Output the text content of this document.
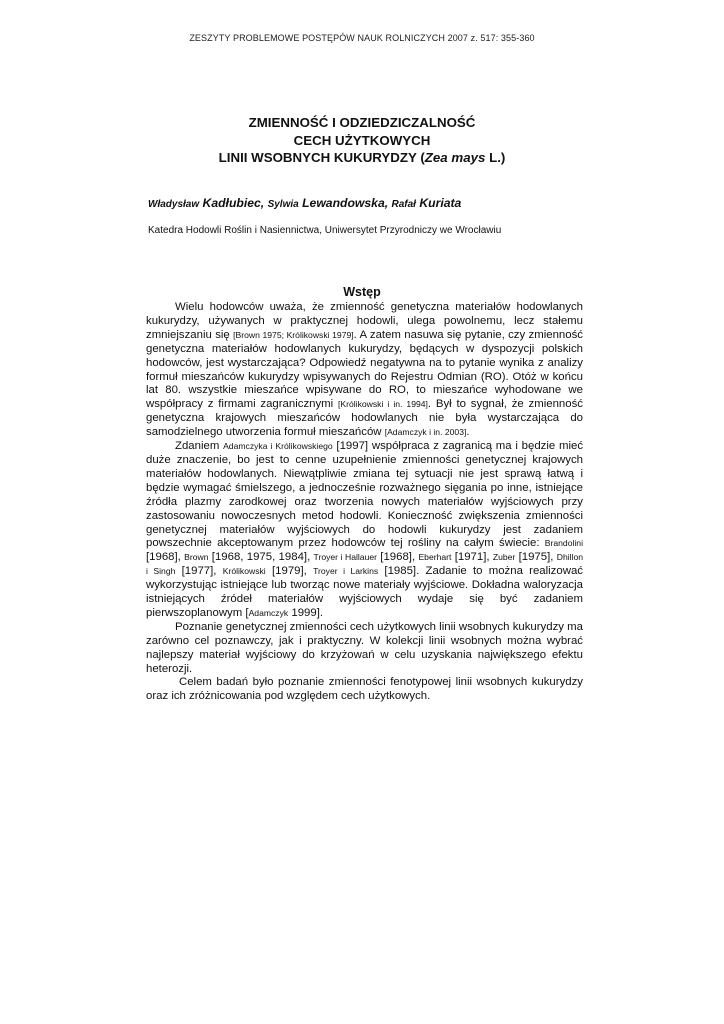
ZESZYTY PROBLEMOWE POSTĘPÓW NAUK ROLNICZYCH 2007 z. 517: 355-360
ZMIENNOŚĆ I ODZIEDZICZALNOŚĆ
CECH UŻYTKOWYCH
LINII WSOBNYCH KUKURYDZY (Zea mays L.)
Władysław Kadłubiec, Sylwia Lewandowska, Rafał Kuriata
Katedra Hodowli Roślin i Nasiennictwa, Uniwersytet Przyrodniczy we Wrocławiu
Wstęp

Wielu hodowców uważa, że zmienność genetyczna materiałów hodowlanych kukurydzy, używanych w praktycznej hodowli, ulega powolnemu, lecz stałemu zmniejszaniu się [Brown 1975; Królikowski 1979]. A zatem nasuwa się pytanie, czy zmienność genetyczna materiałów hodowlanych kukurydzy, będących w dyspozycji polskich hodowców, jest wystarczająca? Odpowiedź negatywna na to pytanie wynika z analizy formuł mieszańców kukurydzy wpisywanych do Rejestru Odmian (RO). Otóż w końcu lat 80. wszystkie mieszańce wpisywane do RO, to mieszańce wyhodowane we współpracy z firmami zagranicznymi [Królikowski i in. 1994]. Był to sygnał, że zmienność genetyczna krajowych mieszańców hodowlanych nie była wystarczająca do samodzielnego utworzenia formuł mieszańców [Adamczyk i in. 2003].

Zdaniem Adamczyka i Królikowskiego [1997] współpraca z zagranicą ma i będzie mieć duże znaczenie, bo jest to cenne uzupełnienie zmienności genetycznej krajowych materiałów hodowlanych. Niewątpliwie zmiana tej sytuacji nie jest sprawą łatwą i będzie wymagać śmielszego, a jednocześnie rozważnego sięgania po inne, istniejące źródła plazmy zarodkowej oraz tworzenia nowych materiałów wyjściowych przy zastosowaniu nowoczesnych metod hodowli. Konieczność zwiększenia zmienności genetycznej materiałów wyjściowych do hodowli kukurydzy jest zadaniem powszechnie akceptowanym przez hodowców tej rośliny na całym świecie: Brandolini [1968], Brown [1968, 1975, 1984], Troyer i Hallauer [1968], Eberhart [1971], Zuber [1975], Dhillon i Singh [1977], Królikowski [1979], Troyer i Larkins [1985]. Zadanie to można realizować wykorzystując istniejące lub tworząc nowe materiały wyjściowe. Dokładna waloryzacja istniejących źródeł materiałów wyjściowych wydaje się być zadaniem pierwszoplanowym [Adamczyk 1999].

Poznanie genetycznej zmienności cech użytkowych linii wsobnych kukurydzy ma zarówno cel poznawczy, jak i praktyczny. W kolekcji linii wsobnych można wybrać najlepszy materiał wyjściowy do krzyżowań w celu uzyskania największego efektu heterozji.

Celem badań było poznanie zmienności fenotypowej linii wsobnych kukurydzy oraz ich zróżnicowania pod względem cech użytkowych.
